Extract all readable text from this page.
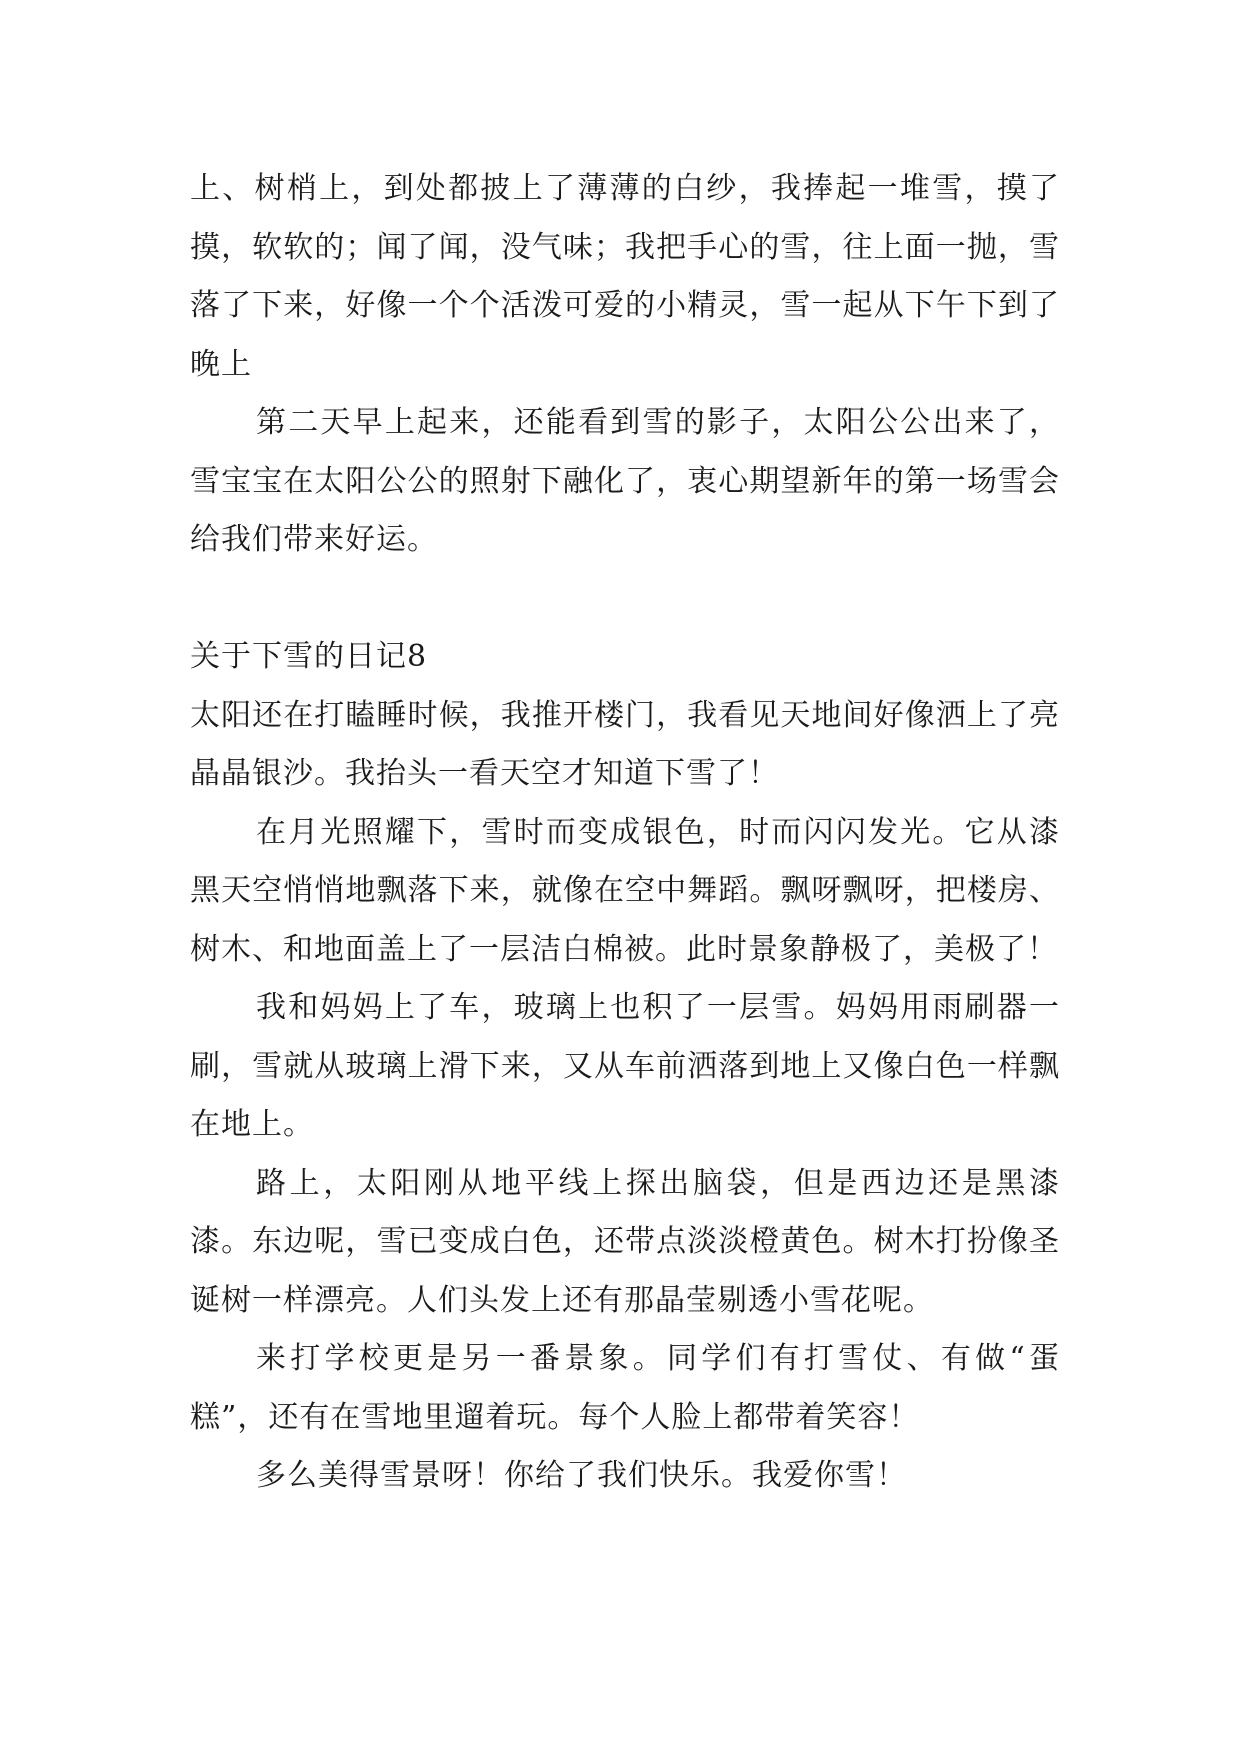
上、树梢上，到处都披上了薄薄的白纱，我捧起一堆雪，摸了摸，软软的；闻了闻，没气味；我把手心的雪，往上面一抛，雪落了下来，好像一个个活泼可爱的小精灵，雪一起从下午下到了晚上

第二天早上起来，还能看到雪的影子，太阳公公出来了，雪宝宝在太阳公公的照射下融化了，衷心期望新年的第一场雪会给我们带来好运。

关于下雪的日记8

太阳还在打瞌睡时候，我推开楼门，我看见天地间好像洒上了亮晶晶银沙。我抬头一看天空才知道下雪了！

在月光照耀下，雪时而变成银色，时而闪闪发光。它从漆黑天空悄悄地飘落下来，就像在空中舞蹈。飘呀飘呀，把楼房、树木、和地面盖上了一层洁白棉被。此时景象静极了，美极了！

我和妈妈上了车，玻璃上也积了一层雪。妈妈用雨刷器一刷，雪就从玻璃上滑下来，又从车前洒落到地上又像白色一样飘在地上。

路上，太阳刚从地平线上探出脑袋，但是西边还是黑漆漆。东边呢，雪已变成白色，还带点淡淡橙黄色。树木打扮像圣诞树一样漂亮。人们头发上还有那晶莹剔透小雪花呢。

来打学校更是另一番景象。同学们有打雪仗、有做“蛋糕”，还有在雪地里遛着玩。每个人脸上都带着笑容！

多么美得雪景呀！你给了我们快乐。我爱你雪！
